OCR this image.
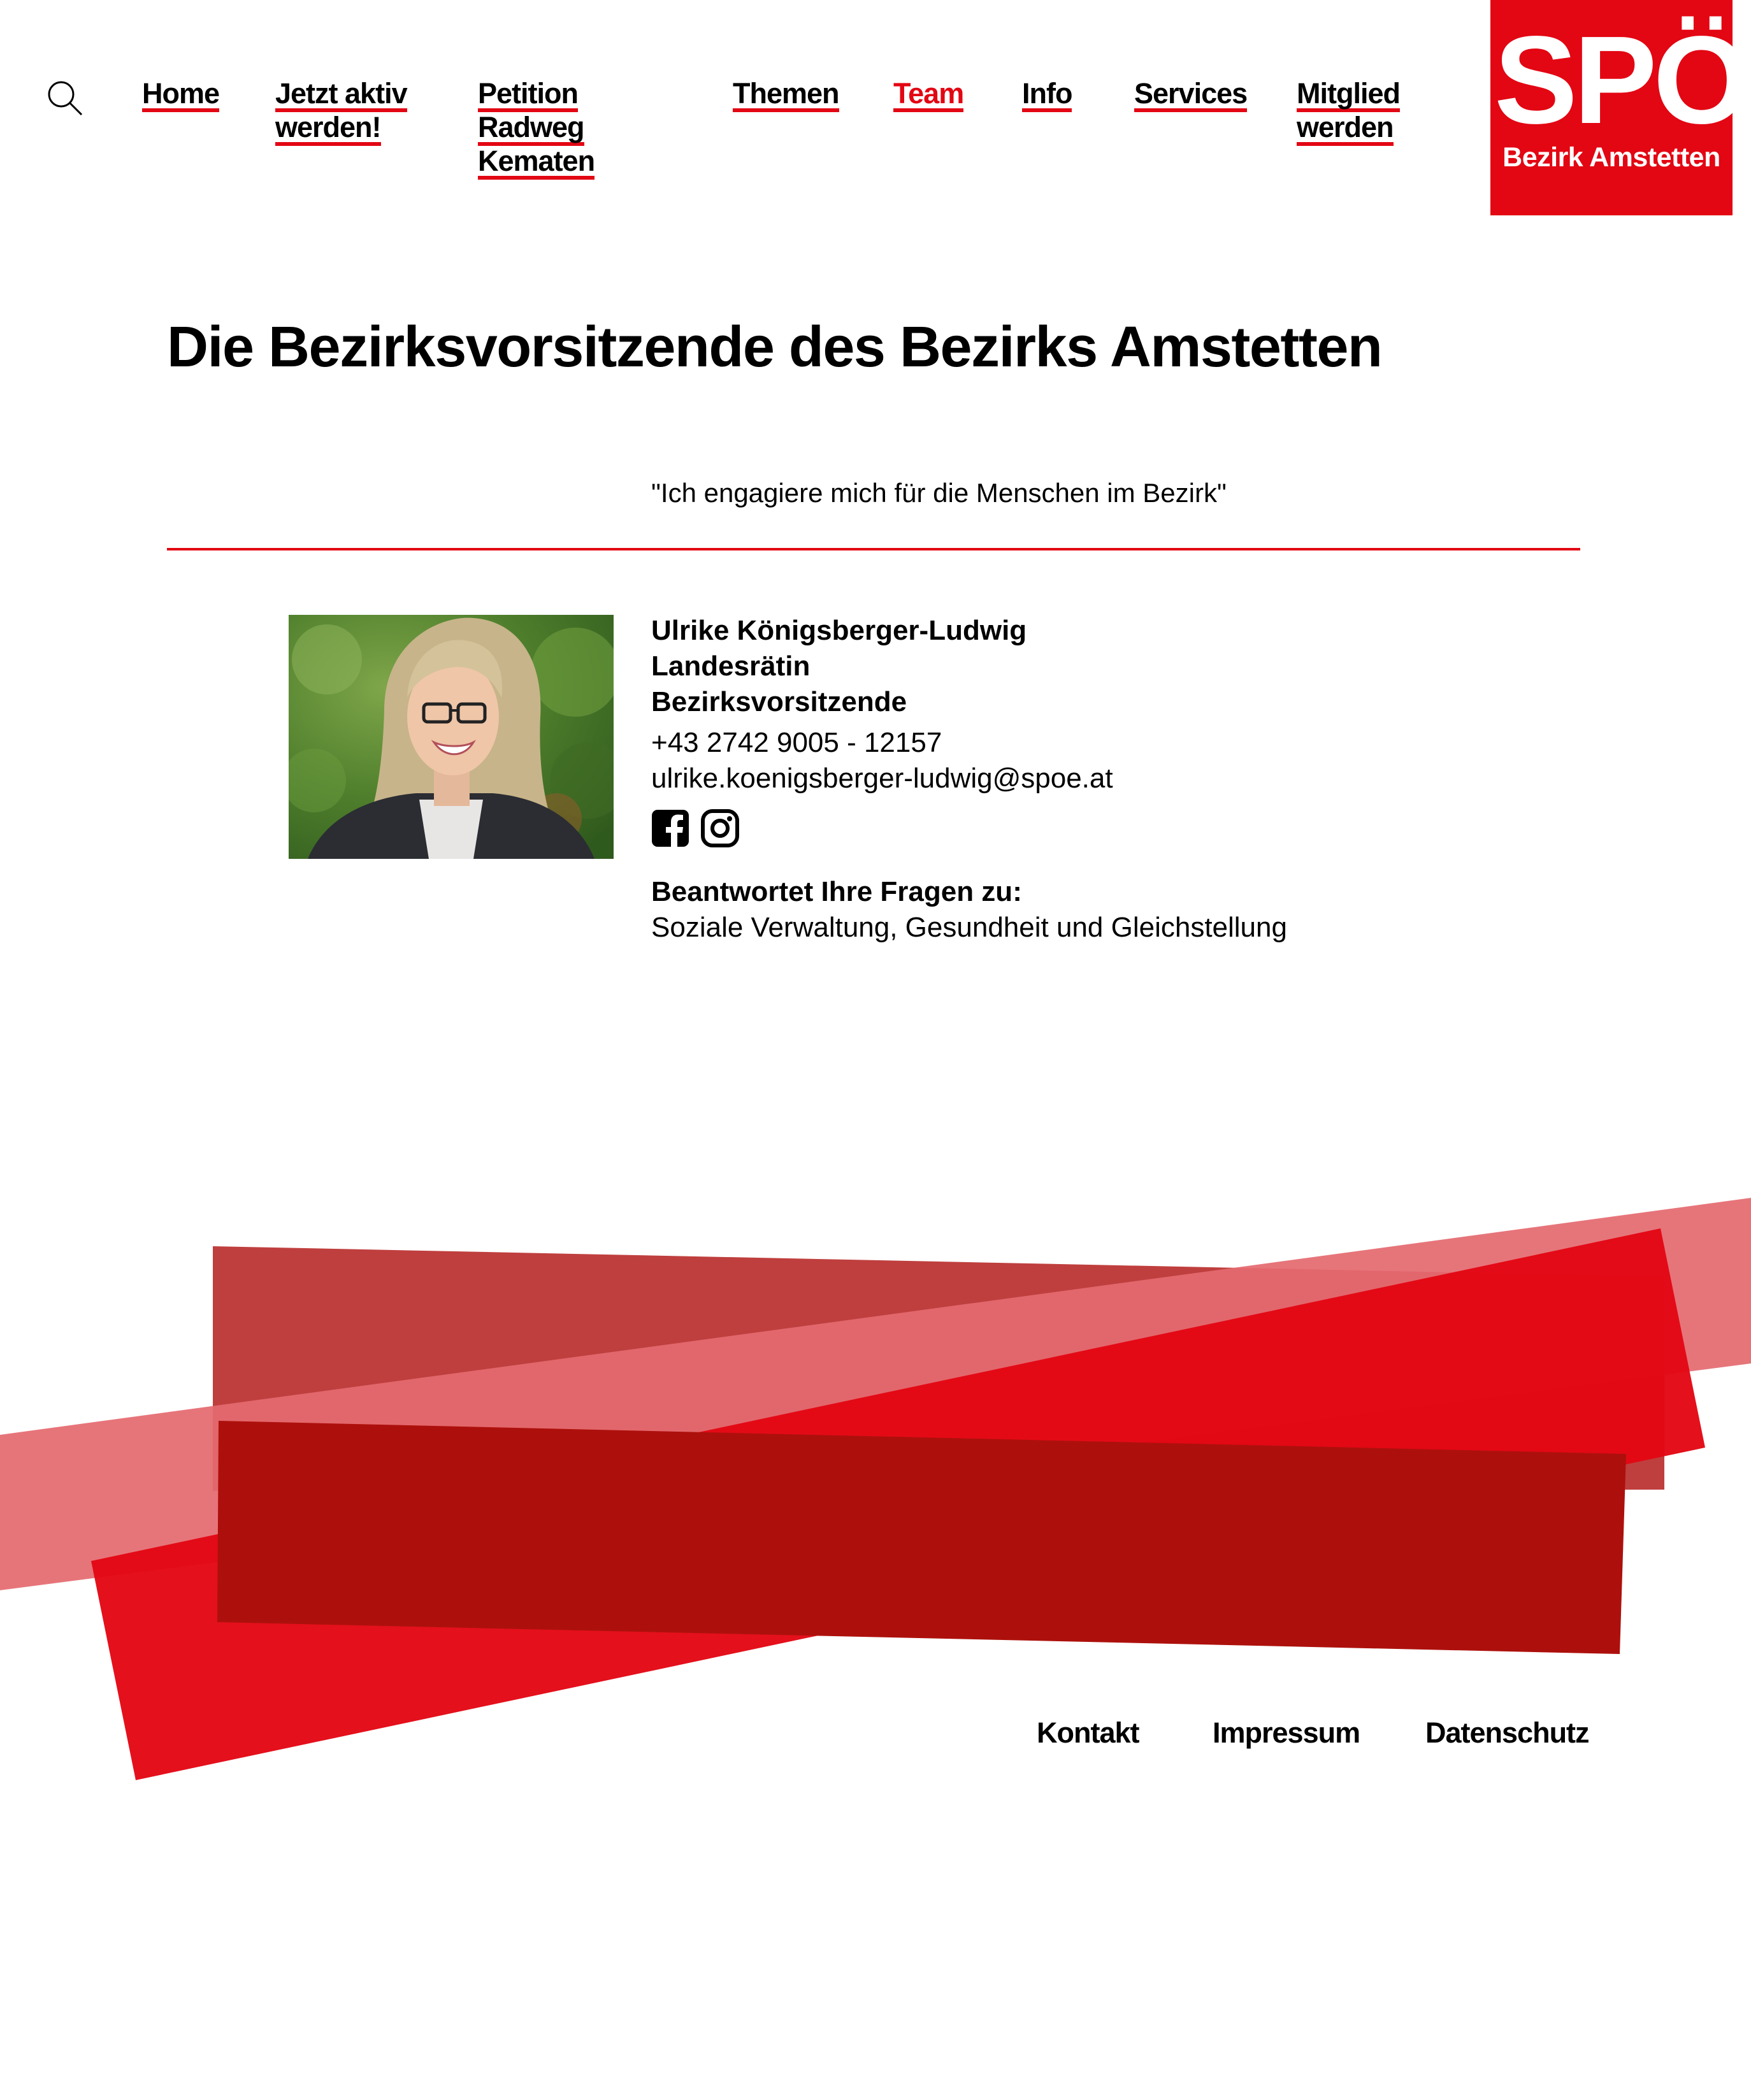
Home Jetzt aktiv
werden!
Petition
Radweg
Kematen
Themen Team Info Services Mitglied
werden SPÖ
Bezirk Amstetten
Die Bezirksvorsitzende des Bezirks Amstetten
"Ich engagiere mich für die Menschen im Bezirk"
Ulrike Königsberger-Ludwig
Landesrätin
Bezirksvorsitzende
+43 2742 9005 - 12157
ulrike.koenigsberger-ludwig@spoe.at
Beantwortet Ihre Fragen zu:
Soziale Verwaltung, Gesundheit und Gleichstellung
Kontakt	Impressum Datenschutz
